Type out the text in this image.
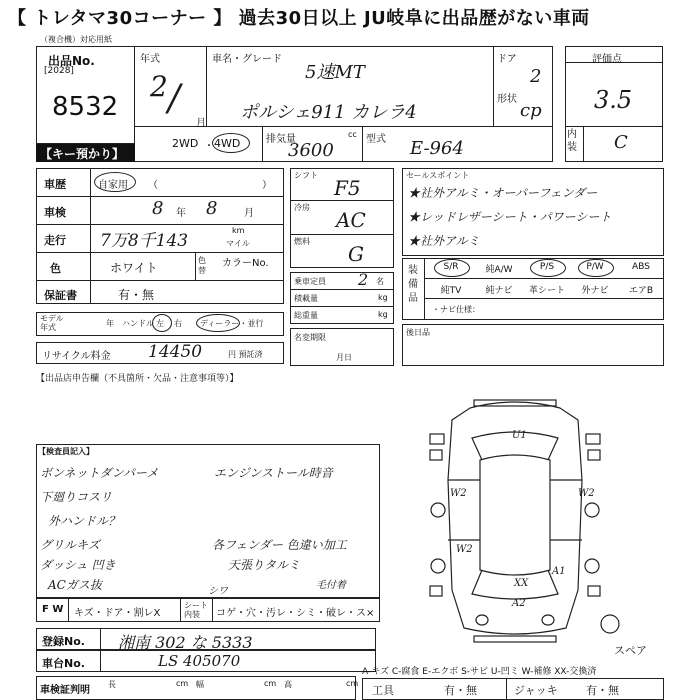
【 トレタマ30コーナー 】 過去30日以上 JU岐阜に出品歴がない車両
（複合機）対応用紙
出品No.
[2028]
8532
【キー預かり】
年式
2 /
月
車名・グレード
5速MT
ポルシェ911 カレラ4
ドア
2
形状
cp
評価点
3.5
内装 C
2WD ・ 4WD	排気量
3600
cc 型式 E-964
車歴	自家用 （	）
車検	8 年 8	月
走行 7万8千143
km
マイル
色	ホワイト
色替
カラーNo.
保証書	有・無
モデル年式	年 ハンドル 左 右 ディーラー・並行
リサイクル料金 14450	円 預託済
シフト
F5
冷房
AC
燃料
G
乗車定員 2 名
積載量	kg
総重量	kg
名変期限
月日
セールスポイント
★社外アルミ・オーバーフェンダー
★レッドレザーシート・パワーシート
★社外アルミ
装備品
S/R	純A/W	P/S	P/W	ABS
純TV	純ナビ	革シート	外ナビ	エアB
・ナビ仕様：
後日品
【出品店申告欄（不具箇所・欠品・注意事項等）】
【検査員記入】
ボンネットダンパーメ
下廻りコスリ
外ハンドル？
グリルキズ
ダッシュ 凹き
ACガス抜
エンジンストール時音
各フェンダー 色違い加工
天張りタルミ
シワ
毛付着
F W キズ・ドア・割レX
シート内装	コゲ・穴・汚レ・シミ・破レ・ス×
登録No. 湘南 302 な 5333
車台No.	LS 405070
車検証判明
長	cm 幅	cm 高	cm
A-キズ C-腐食 E-エクボ S-サビ U-凹ミ W-補修 XX-交換済
工具	有・無	ジャッキ	有・無
U1
W2	W2
W2
A1
XX
A2
スペア
